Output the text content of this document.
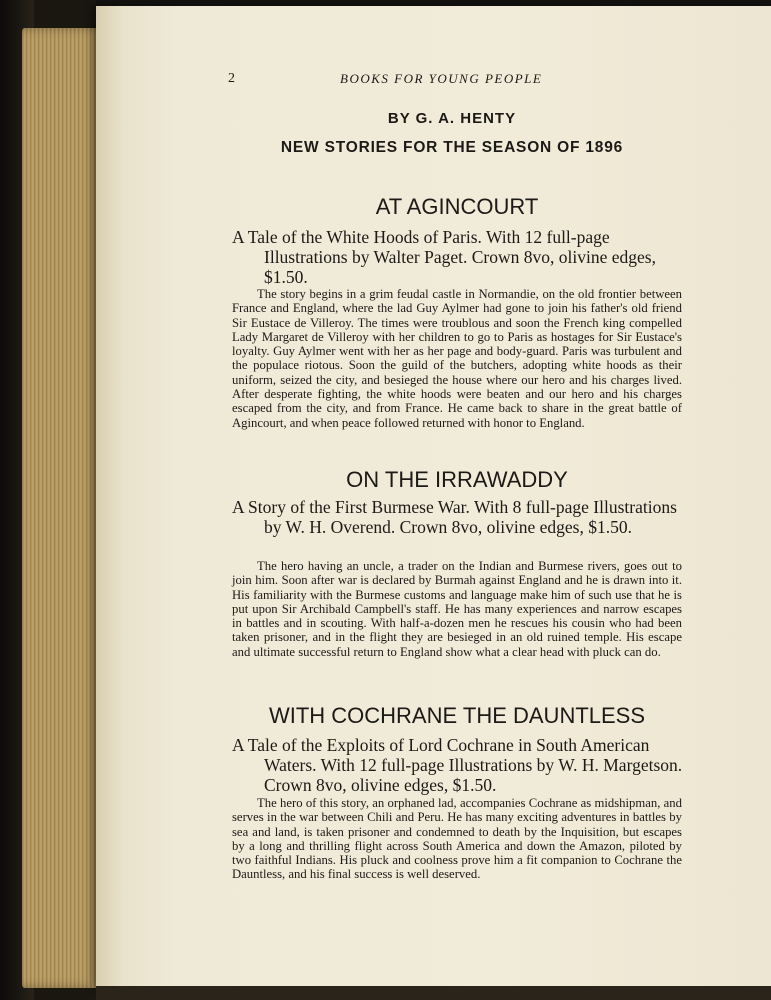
2	BOOKS FOR YOUNG PEOPLE
BY G. A. HENTY
NEW STORIES FOR THE SEASON OF 1896
AT AGINCOURT
A Tale of the White Hoods of Paris. With 12 full-page Illustrations by Walter Paget. Crown 8vo, olivine edges, $1.50.
The story begins in a grim feudal castle in Normandie, on the old frontier between France and England, where the lad Guy Aylmer had gone to join his father's old friend Sir Eustace de Villeroy. The times were troublous and soon the French king compelled Lady Margaret de Villeroy with her children to go to Paris as hostages for Sir Eustace's loyalty. Guy Aylmer went with her as her page and body-guard. Paris was turbulent and the populace riotous. Soon the guild of the butchers, adopting white hoods as their uniform, seized the city, and besieged the house where our hero and his charges lived. After desperate fighting, the white hoods were beaten and our hero and his charges escaped from the city, and from France. He came back to share in the great battle of Agincourt, and when peace followed returned with honor to England.
ON THE IRRAWADDY
A Story of the First Burmese War. With 8 full-page Illustrations by W. H. Overend. Crown 8vo, olivine edges, $1.50.
The hero having an uncle, a trader on the Indian and Burmese rivers, goes out to join him. Soon after war is declared by Burmah against England and he is drawn into it. His familiarity with the Burmese customs and language make him of such use that he is put upon Sir Archibald Campbell's staff. He has many experiences and narrow escapes in battles and in scouting. With half-a-dozen men he rescues his cousin who had been taken prisoner, and in the flight they are besieged in an old ruined temple. His escape and ultimate successful return to England show what a clear head with pluck can do.
WITH COCHRANE THE DAUNTLESS
A Tale of the Exploits of Lord Cochrane in South American Waters. With 12 full-page Illustrations by W. H. Margetson. Crown 8vo, olivine edges, $1.50.
The hero of this story, an orphaned lad, accompanies Cochrane as midshipman, and serves in the war between Chili and Peru. He has many exciting adventures in battles by sea and land, is taken prisoner and condemned to death by the Inquisition, but escapes by a long and thrilling flight across South America and down the Amazon, piloted by two faithful Indians. His pluck and coolness prove him a fit companion to Cochrane the Dauntless, and his final success is well deserved.
